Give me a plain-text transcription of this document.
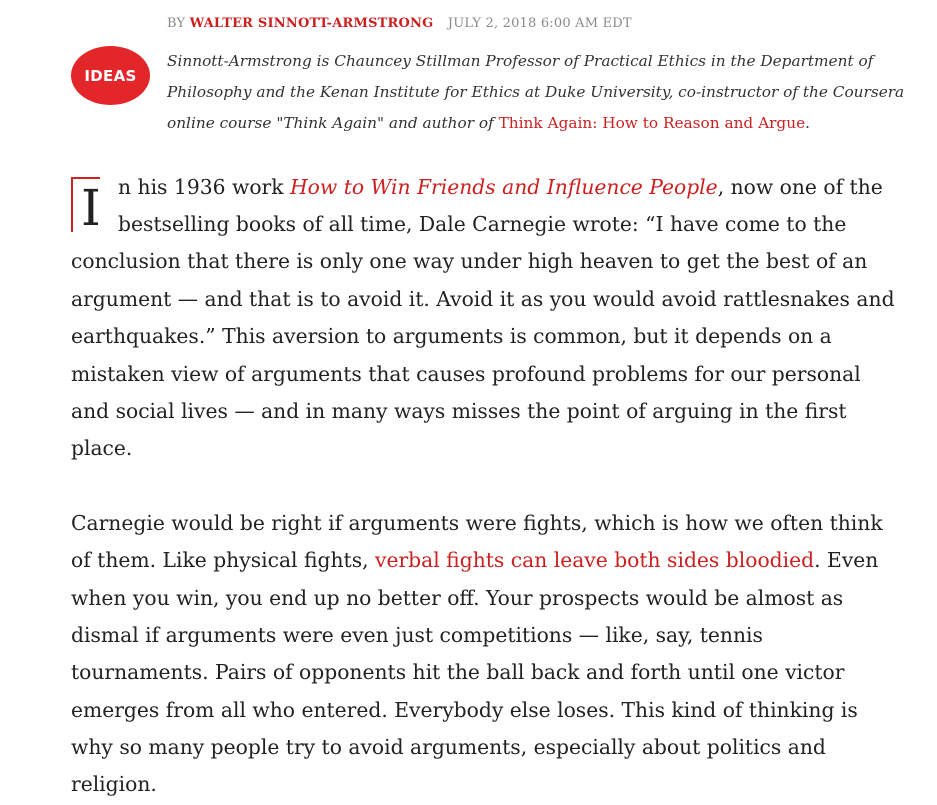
BY WALTER SINNOTT-ARMSTRONG JULY 2, 2018 6:00 AM EDT
IDEAS
Sinnott-Armstrong is Chauncey Stillman Professor of Practical Ethics in the Department of
Philosophy and the Kenan Institute for Ethics at Duke University, co-instructor of the Coursera
online course "Think Again" and author of Think Again: How to Reason and Argue.
I n his 1936 work How to Win Friends and Influence People, now one of the
bestselling books of all time, Dale Carnegie wrote: “I have come to the
conclusion that there is only one way under high heaven to get the best of an
argument — and that is to avoid it. Avoid it as you would avoid rattlesnakes and
earthquakes.” This aversion to arguments is common, but it depends on a
mistaken view of arguments that causes profound problems for our personal
and social lives — and in many ways misses the point of arguing in the first
place.
Carnegie would be right if arguments were fights, which is how we often think
of them. Like physical fights, verbal fights can leave both sides bloodied. Even
when you win, you end up no better off. Your prospects would be almost as
dismal if arguments were even just competitions — like, say, tennis
tournaments. Pairs of opponents hit the ball back and forth until one victor
emerges from all who entered. Everybody else loses. This kind of thinking is
why so many people try to avoid arguments, especially about politics and
religion.
